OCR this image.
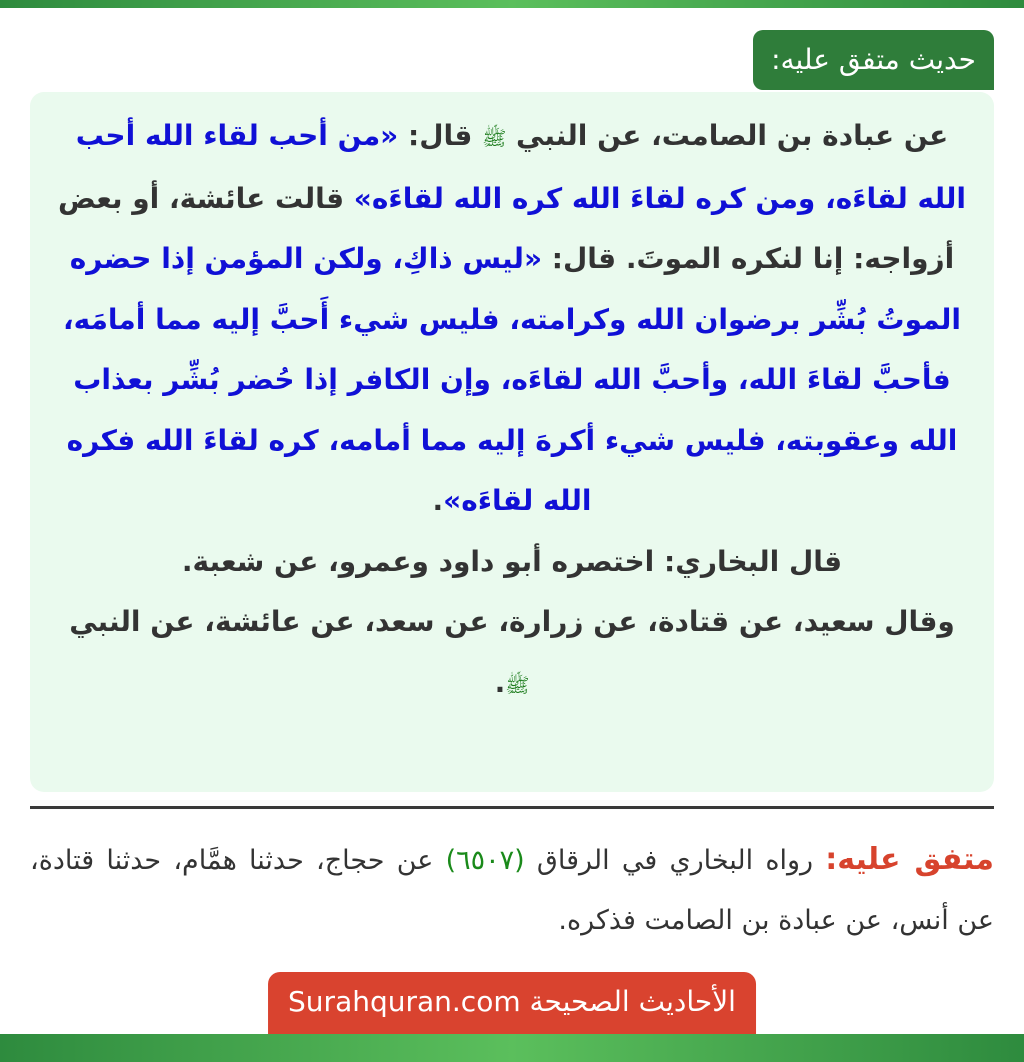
حديث متفق عليه:
عن عبادة بن الصامت، عن النبي ﷺ قال: «من أحب لقاء الله أحب الله لقاءَه، ومن كره لقاءَ الله كره الله لقاءَه» قالت عائشة، أو بعض أزواجه: إنا لنكره الموتَ. قال: «ليس ذاكِ، ولكن المؤمن إذا حضره الموتُ بُشِّر برضوان الله وكرامته، فليس شيء أَحبَّ إليه مما أمامَه، فأحبَّ لقاءَ الله، وأحبَّ الله لقاءَه، وإن الكافر إذا حُضر بُشِّر بعذاب الله وعقوبته، فليس شيء أكرهَ إليه مما أمامه، كره لقاءَ الله فكره الله لقاءَه».
قال البخاري: اختصره أبو داود وعمرو، عن شعبة.
وقال سعيد، عن قتادة، عن زرارة، عن سعد، عن عائشة، عن النبي ﷺ.
متفق عليه: رواه البخاري في الرقاق (٦٥٠٧) عن حجاج، حدثنا همَّام، حدثنا قتادة، عن أنس، عن عبادة بن الصامت فذكره.
الأحاديث الصحيحة Surahquran.com
